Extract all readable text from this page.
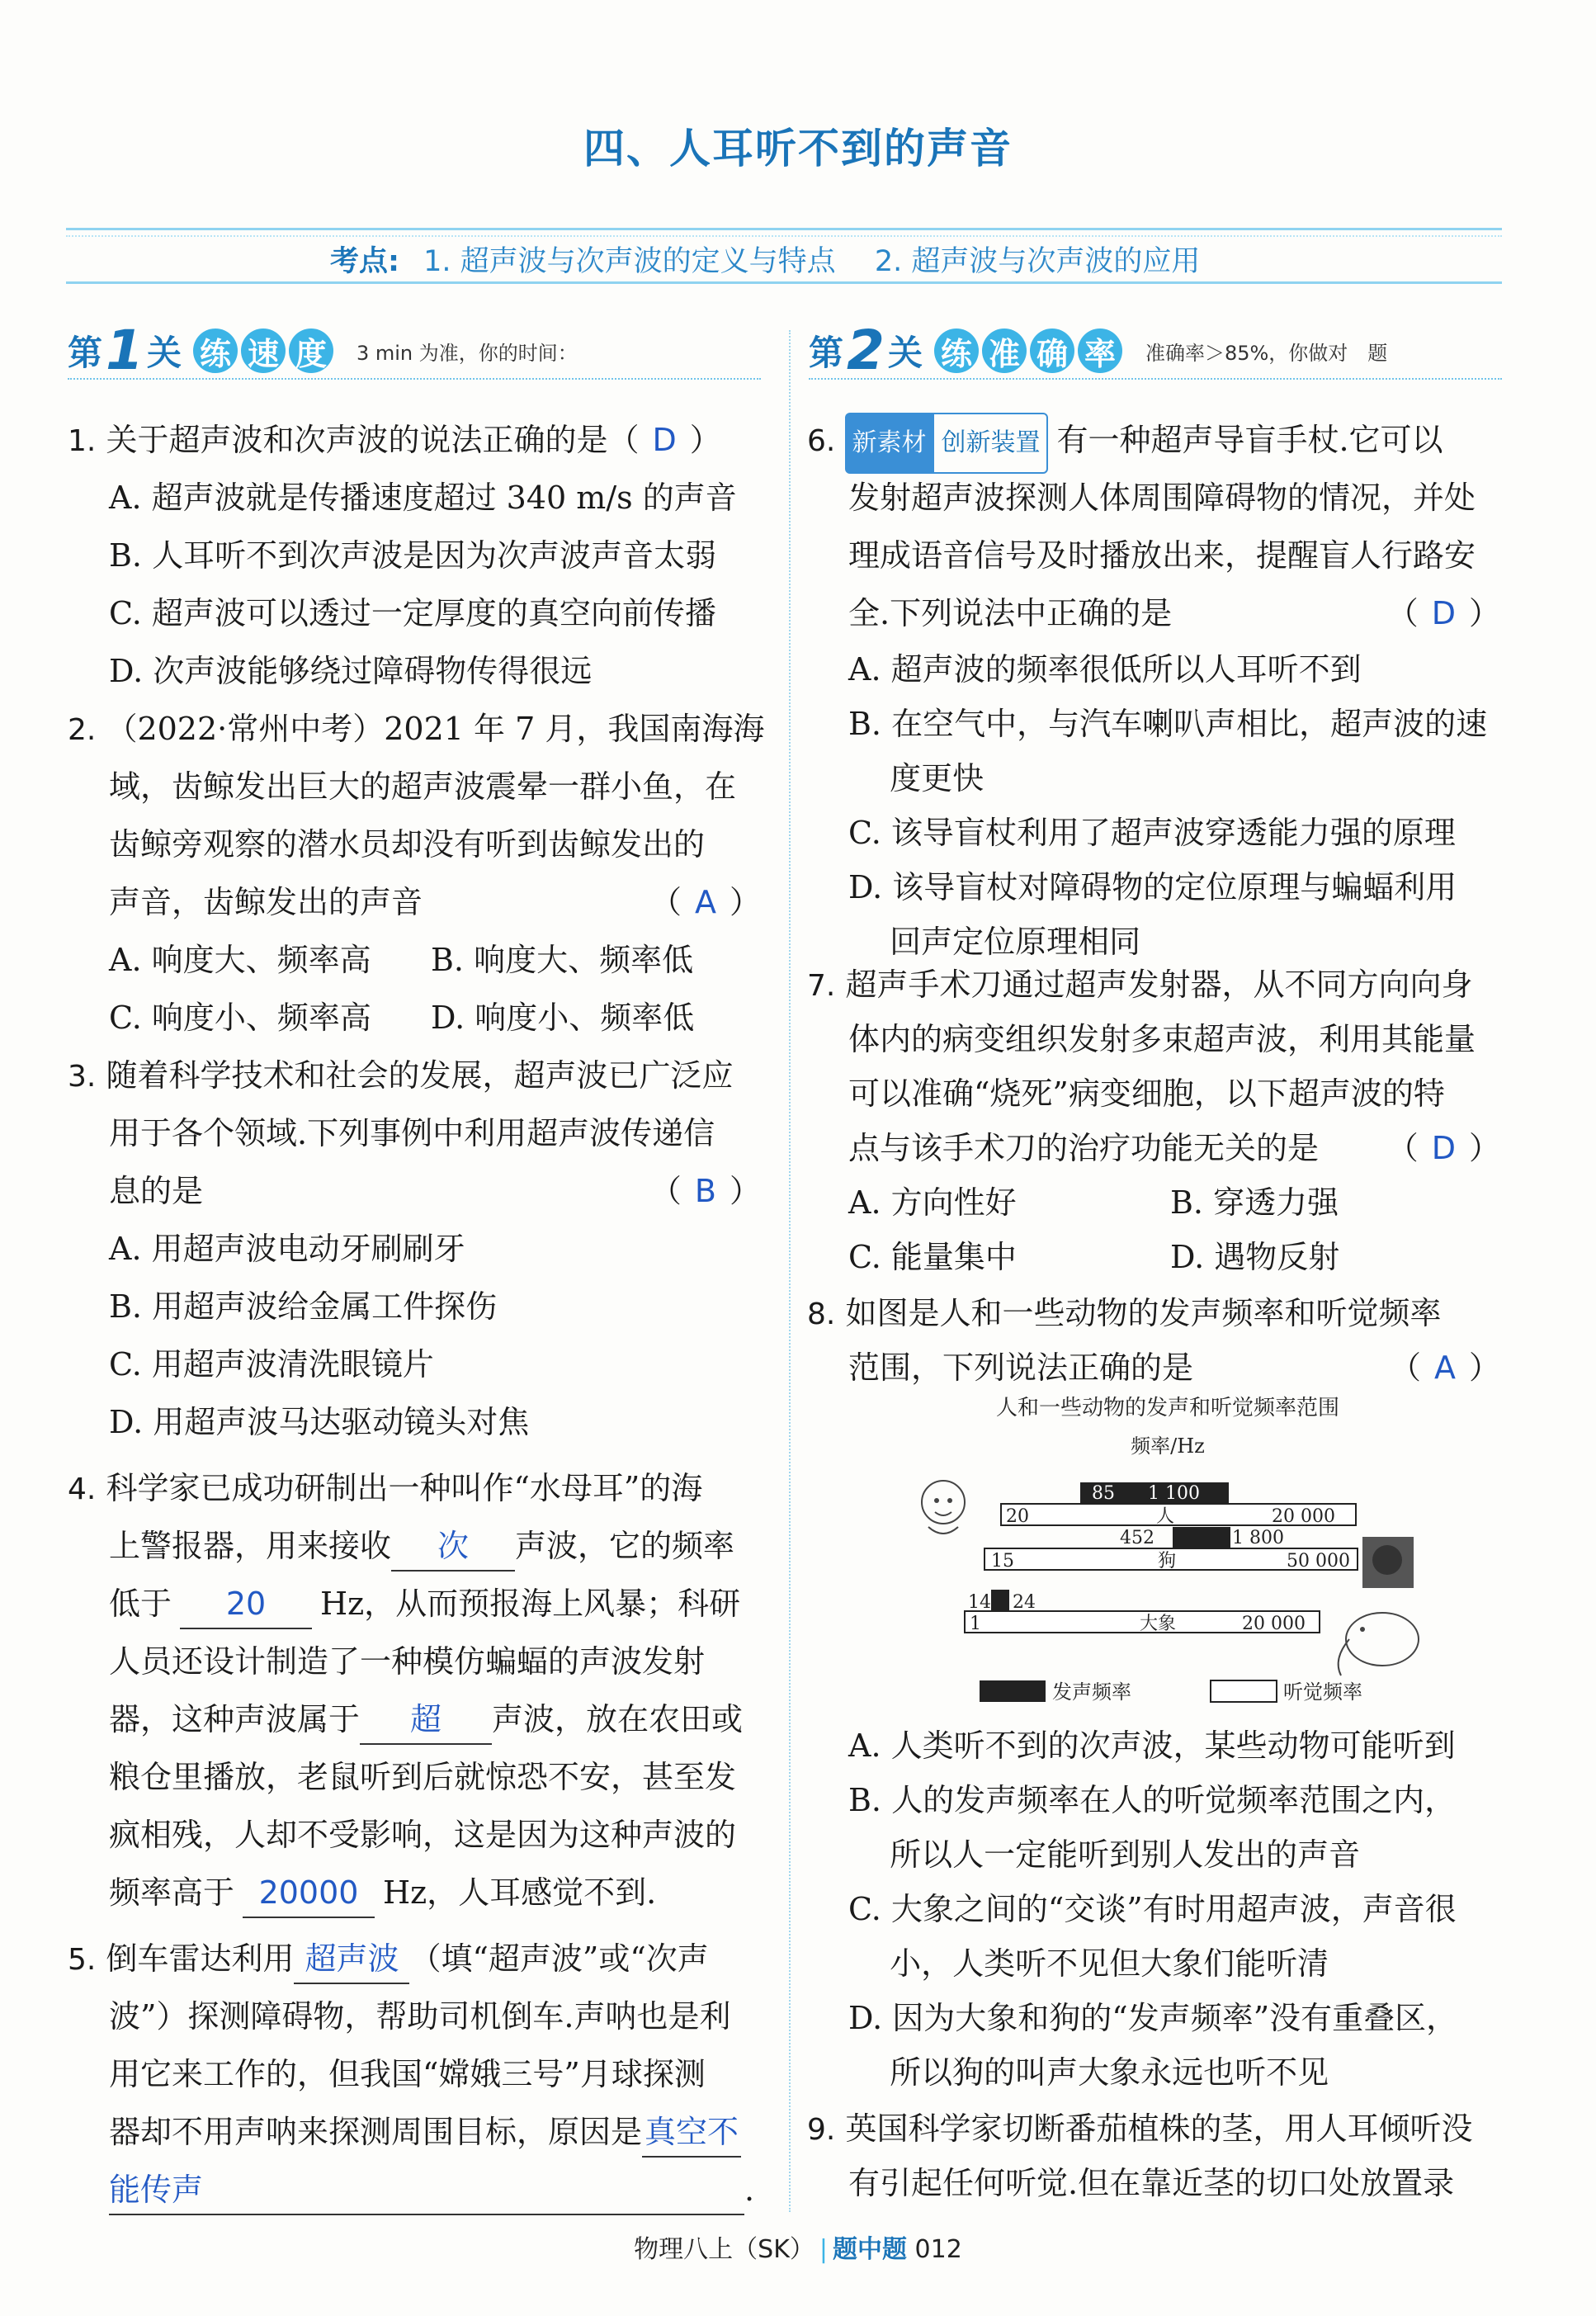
四、人耳听不到的声音
考点: 1. 超声波与次声波的定义与特点 2. 超声波与次声波的应用
第 1 关 练 速 度	3 min 为准，你的时间：	第 2 关 练 准 确 率	准确率＞85%，你做对　题
1. 关于超声波和次声波的说法正确的是（ D ）
A. 超声波就是传播速度超过 340 m/s 的声音
B. 人耳听不到次声波是因为次声波声音太弱
C. 超声波可以透过一定厚度的真空向前传播
D. 次声波能够绕过障碍物传得很远
2. （2022·常州中考）2021 年 7 月，我国南海海
域，齿鲸发出巨大的超声波震晕一群小鱼，在
齿鲸旁观察的潜水员却没有听到齿鲸发出的
声音，齿鲸发出的声音	（ A ）
A. 响度大、频率高 B. 响度大、频率低
C. 响度小、频率高 D. 响度小、频率低
3. 随着科学技术和社会的发展，超声波已广泛应
用于各个领域.下列事例中利用超声波传递信
息的是	（ B ）
A. 用超声波电动牙刷刷牙
B. 用超声波给金属工件探伤
C. 用超声波清洗眼镜片
D. 用超声波马达驱动镜头对焦
4. 科学家已成功研制出一种叫作“水母耳”的海
上警报器，用来接收 次 声波，它的频率
低于 20 Hz，从而预报海上风暴；科研
人员还设计制造了一种模仿蝙蝠的声波发射
器，这种声波属于 超 声波，放在农田或
粮仓里播放，老鼠听到后就惊恐不安，甚至发
疯相残，人却不受影响，这是因为这种声波的
频率高于 20000 Hz，人耳感觉不到.
5. 倒车雷达利用 超声波 （填“超声波”或“次声
波”）探测障碍物，帮助司机倒车.声呐也是利
用它来工作的，但我国“嫦娥三号”月球探测
器却不用声呐来探测周围目标，原因是真空不
能传声	.
6. 新素材 创新装置 有一种超声导盲手杖.它可以
发射超声波探测人体周围障碍物的情况，并处
理成语音信号及时播放出来，提醒盲人行路安
全.下列说法中正确的是	（ D ）
A. 超声波的频率很低所以人耳听不到
B. 在空气中，与汽车喇叭声相比，超声波的速
　 度更快
C. 该导盲杖利用了超声波穿透能力强的原理
D. 该导盲杖对障碍物的定位原理与蝙蝠利用
　 回声定位原理相同
7. 超声手术刀通过超声发射器，从不同方向向身
体内的病变组织发射多束超声波，利用其能量
可以准确“烧死”病变细胞，以下超声波的特
点与该手术刀的治疗功能无关的是 （ D ）
A. 方向性好	B. 穿透力强
C. 能量集中	D. 遇物反射
8. 如图是人和一些动物的发声频率和听觉频率
范围，下列说法正确的是	（ A ）
人和一些动物的发声和听觉频率范围
频率/Hz
85 1 100
20	人	20 000
452	1 800
15	狗	50 000
14 24
1	大象	20 000
发声频率	听觉频率
A. 人类听不到的次声波，某些动物可能听到
B. 人的发声频率在人的听觉频率范围之内，
　 所以人一定能听到别人发出的声音
C. 大象之间的“交谈”有时用超声波，声音很
　 小，人类听不见但大象们能听清
D. 因为大象和狗的“发声频率”没有重叠区，
　 所以狗的叫声大象永远也听不见
9. 英国科学家切断番茄植株的茎，用人耳倾听没
有引起任何听觉.但在靠近茎的切口处放置录
物理八上（SK） | 题中题 012
